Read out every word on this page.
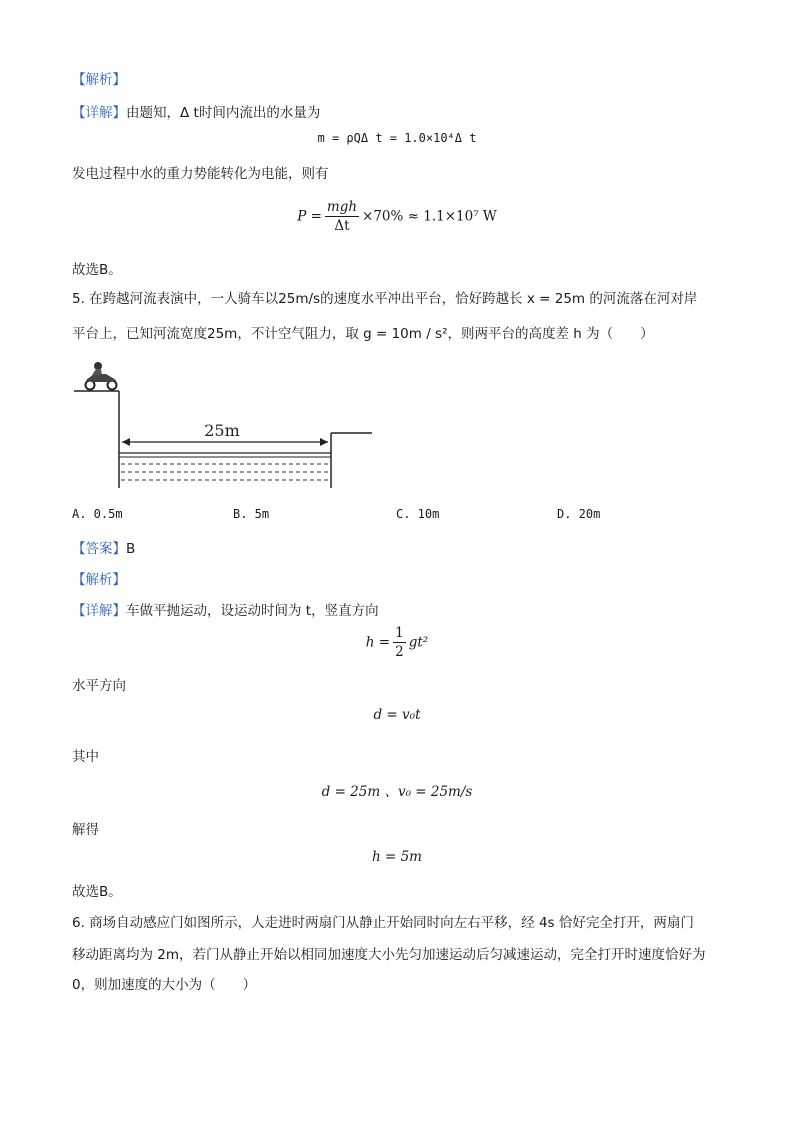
【解析】
【详解】由题知，Δ t时间内流出的水量为
m = ρQΔ t = 1.0×10⁴Δ t
发电过程中水的重力势能转化为电能，则有
$P = \frac{\text{mgh}}{\Delta t} \times 70\% \approx 1.1\times 10^7$ W
故选B。
5. 在跨越河流表演中，一人骑车以25m/s的速度水平冲出平台，恰好跨越长 x = 25m 的河流落在河对岸
平台上，已知河流宽度25m，不计空气阻力，取 g = 10m / s²，则两平台的高度差 h 为（　　）
25m
A. 0.5m	B. 5m	C. 10m	D. 20m
【答案】B
【解析】
【详解】车做平抛运动，设运动时间为 t，竖直方向
$h = \frac{1}{2} gt^2$
水平方向
d = v₀t
其中
d = 25m 、v₀ = 25m/s
解得
h = 5m
故选B。
6. 商场自动感应门如图所示，人走进时两扇门从静止开始同时向左右平移，经 4s 恰好完全打开，两扇门
移动距离均为 2m，若门从静止开始以相同加速度大小先匀加速运动后匀减速运动，完全打开时速度恰好为
0，则加速度的大小为（　　）
